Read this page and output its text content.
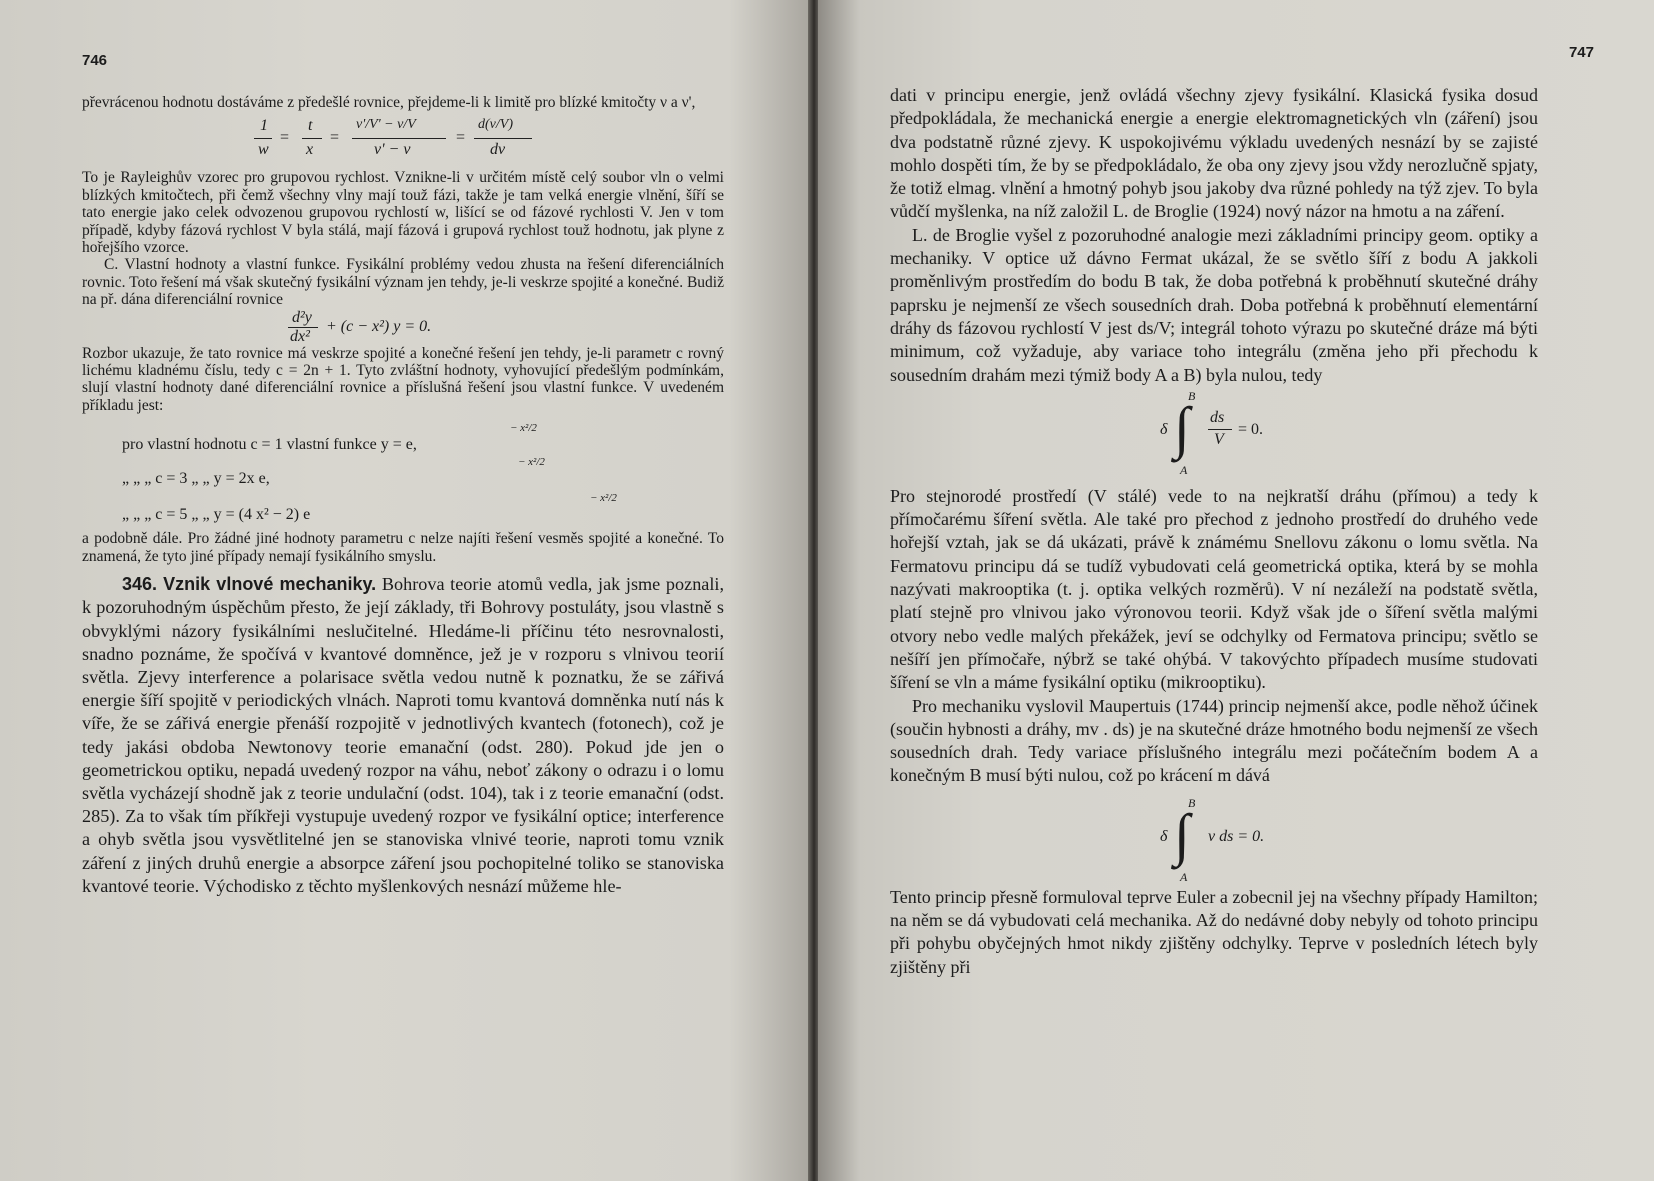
746

převrácenou hodnotu dostáváme z předešlé rovnice, přejdeme-li k limitě pro blízké kmitočty ν a ν',

1
w
=
t
x
=
ν'/V' − ν/V
ν' − ν
=
d(ν/V)
dν

To je Rayleighův vzorec pro grupovou rychlost. Vznikne-li v určitém místě celý soubor vln o velmi blízkých kmitočtech, při čemž všechny vlny mají touž fázi, takže je tam velká energie vlnění, šíří se tato energie jako celek odvozenou grupovou rychlostí w, lišící se od fázové rychlosti V. Jen v tom případě, kdyby fázová rychlost V byla stálá, mají fázová i grupová rychlost touž hodnotu, jak plyne z hořejšího vzorce.

C. Vlastní hodnoty a vlastní funkce. Fysikální problémy vedou zhusta na řešení diferenciálních rovnic. Toto řešení má však skutečný fysikální význam jen tehdy, je-li veskrze spojité a konečné. Budiž na př. dána diferenciální rovnice

d²y
dx²
+ (c − x²) y = 0.

Rozbor ukazuje, že tato rovnice má veskrze spojité a konečné řešení jen tehdy, je-li parametr c rovný lichému kladnému číslu, tedy c = 2n + 1. Tyto zvláštní hodnoty, vyhovující předešlým podmínkám, slují vlastní hodnoty dané diferenciální rovnice a příslušná řešení jsou vlastní funkce. V uvedeném příkladu jest:

pro vlastní hodnotu c = 1 vlastní funkce y = e,
− x²/2
„ „ „ c = 3 „ „ y = 2x e,
− x²/2
„ „ „ c = 5 „ „ y = (4 x² − 2) e
− x²/2

a podobně dále. Pro žádné jiné hodnoty parametru c nelze najíti řešení vesměs spojité a konečné. To znamená, že tyto jiné případy nemají fysikálního smyslu.

346. Vznik vlnové mechaniky. Bohrova teorie atomů vedla, jak jsme poznali, k pozoruhodným úspěchům přesto, že její základy, tři Bohrovy postuláty, jsou vlastně s obvyklými názory fysikálními neslučitelné. Hledáme-li příčinu této nesrovnalosti, snadno poznáme, že spočívá v kvantové domněnce, jež je v rozporu s vlnivou teorií světla. Zjevy interference a polarisace světla vedou nutně k poznatku, že se zářivá energie šíří spojitě v periodických vlnách. Naproti tomu kvantová domněnka nutí nás k víře, že se zářivá energie přenáší rozpojitě v jednotlivých kvantech (fotonech), což je tedy jakási obdoba Newtonovy teorie emanační (odst. 280). Pokud jde jen o geometrickou optiku, nepadá uvedený rozpor na váhu, neboť zákony o odrazu i o lomu světla vycházejí shodně jak z teorie undulační (odst. 104), tak i z teorie emanační (odst. 285). Za to však tím příkřeji vystupuje uvedený rozpor ve fysikální optice; interference a ohyb světla jsou vysvětlitelné jen se stanoviska vlnivé teorie, naproti tomu vznik záření z jiných druhů energie a absorpce záření jsou pochopitelné toliko se stanoviska kvantové teorie. Východisko z těchto myšlenkových nesnází můžeme hle-

747

dati v principu energie, jenž ovládá všechny zjevy fysikální. Klasická fysika dosud předpokládala, že mechanická energie a energie elektromagnetických vln (záření) jsou dva podstatně různé zjevy. K uspokojivému výkladu uvedených nesnází by se zajisté mohlo dospěti tím, že by se předpokládalo, že oba ony zjevy jsou vždy nerozlučně spjaty, že totiž elmag. vlnění a hmotný pohyb jsou jakoby dva různé pohledy na týž zjev. To byla vůdčí myšlenka, na níž založil L. de Broglie (1924) nový názor na hmotu a na záření.

L. de Broglie vyšel z pozoruhodné analogie mezi základními principy geom. optiky a mechaniky. V optice už dávno Fermat ukázal, že se světlo šíří z bodu A jakkoli proměnlivým prostředím do bodu B tak, že doba potřebná k proběhnutí skutečné dráhy paprsku je nejmenší ze všech sousedních drah. Doba potřebná k proběhnutí elementární dráhy ds fázovou rychlostí V jest ds/V; integrál tohoto výrazu po skutečné dráze má býti minimum, což vyžaduje, aby variace toho integrálu (změna jeho při přechodu k sousedním drahám mezi týmiž body A a B) byla nulou, tedy

δ
B
∫
A
ds
V
= 0.

Pro stejnorodé prostředí (V stálé) vede to na nejkratší dráhu (přímou) a tedy k přímočarému šíření světla. Ale také pro přechod z jednoho prostředí do druhého vede hořejší vztah, jak se dá ukázati, právě k známému Snellovu zákonu o lomu světla. Na Fermatovu principu dá se tudíž vybudovati celá geometrická optika, která by se mohla nazývati makrooptika (t. j. optika velkých rozměrů). V ní nezáleží na podstatě světla, platí stejně pro vlnivou jako výronovou teorii. Když však jde o šíření světla malými otvory nebo vedle malých překážek, jeví se odchylky od Fermatova principu; světlo se nešíří jen přímočaře, nýbrž se také ohýbá. V takovýchto případech musíme studovati šíření se vln a máme fysikální optiku (mikrooptiku).

Pro mechaniku vyslovil Maupertuis (1744) princip nejmenší akce, podle něhož účinek (součin hybnosti a dráhy, mv . ds) je na skutečné dráze hmotného bodu nejmenší ze všech sousedních drah. Tedy variace příslušného integrálu mezi počátečním bodem A a konečným B musí býti nulou, což po krácení m dává

δ
B
∫
A
v ds = 0.

Tento princip přesně formuloval teprve Euler a zobecnil jej na všechny případy Hamilton; na něm se dá vybudovati celá mechanika. Až do nedávné doby nebyly od tohoto principu při pohybu obyčejných hmot nikdy zjištěny odchylky. Teprve v posledních létech byly zjištěny při
